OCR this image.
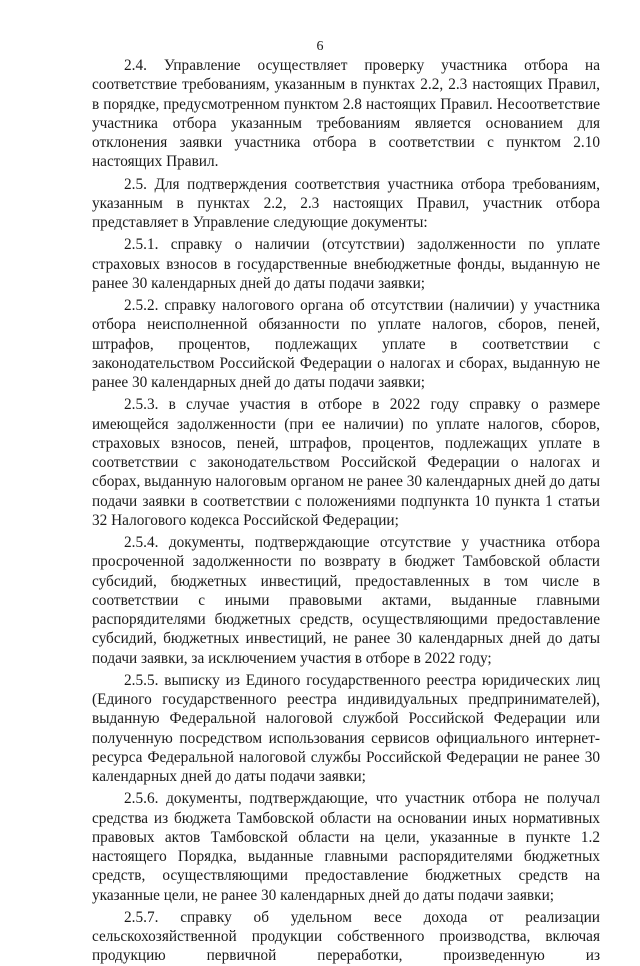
6

2.4. Управление осуществляет проверку участника отбора на соответствие требованиям, указанным в пунктах 2.2, 2.3 настоящих Правил, в порядке, предусмотренном пунктом 2.8 настоящих Правил. Несоответствие участника отбора указанным требованиям является основанием для отклонения заявки участника отбора в соответствии с пунктом 2.10 настоящих Правил.

2.5. Для подтверждения соответствия участника отбора требованиям, указанным в пунктах 2.2, 2.3 настоящих Правил, участник отбора представляет в Управление следующие документы:

2.5.1. справку о наличии (отсутствии) задолженности по уплате страховых взносов в государственные внебюджетные фонды, выданную не ранее 30 календарных дней до даты подачи заявки;

2.5.2. справку налогового органа об отсутствии (наличии) у участника отбора неисполненной обязанности по уплате налогов, сборов, пеней, штрафов, процентов, подлежащих уплате в соответствии с законодательством Российской Федерации о налогах и сборах, выданную не ранее 30 календарных дней до даты подачи заявки;

2.5.3. в случае участия в отборе в 2022 году справку о размере имеющейся задолженности (при ее наличии) по уплате налогов, сборов, страховых взносов, пеней, штрафов, процентов, подлежащих уплате в соответствии с законодательством Российской Федерации о налогах и сборах, выданную налоговым органом не ранее 30 календарных дней до даты подачи заявки в соответствии с положениями подпункта 10 пункта 1 статьи 32 Налогового кодекса Российской Федерации;

2.5.4. документы, подтверждающие отсутствие у участника отбора просроченной задолженности по возврату в бюджет Тамбовской области субсидий, бюджетных инвестиций, предоставленных в том числе в соответствии с иными правовыми актами, выданные главными распорядителями бюджетных средств, осуществляющими предоставление субсидий, бюджетных инвестиций, не ранее 30 календарных дней до даты подачи заявки, за исключением участия в отборе в 2022 году;

2.5.5. выписку из Единого государственного реестра юридических лиц (Единого государственного реестра индивидуальных предпринимателей), выданную Федеральной налоговой службой Российской Федерации или полученную посредством использования сервисов официального интернет-ресурса Федеральной налоговой службы Российской Федерации не ранее 30 календарных дней до даты подачи заявки;

2.5.6. документы, подтверждающие, что участник отбора не получал средства из бюджета Тамбовской области на основании иных нормативных правовых актов Тамбовской области на цели, указанные в пункте 1.2 настоящего Порядка, выданные главными распорядителями бюджетных средств, осуществляющими предоставление бюджетных средств на указанные цели, не ранее 30 календарных дней до даты подачи заявки;

2.5.7. справку об удельном весе дохода от реализации сельскохозяйственной продукции собственного производства, включая продукцию первичной переработки, произведенную из
